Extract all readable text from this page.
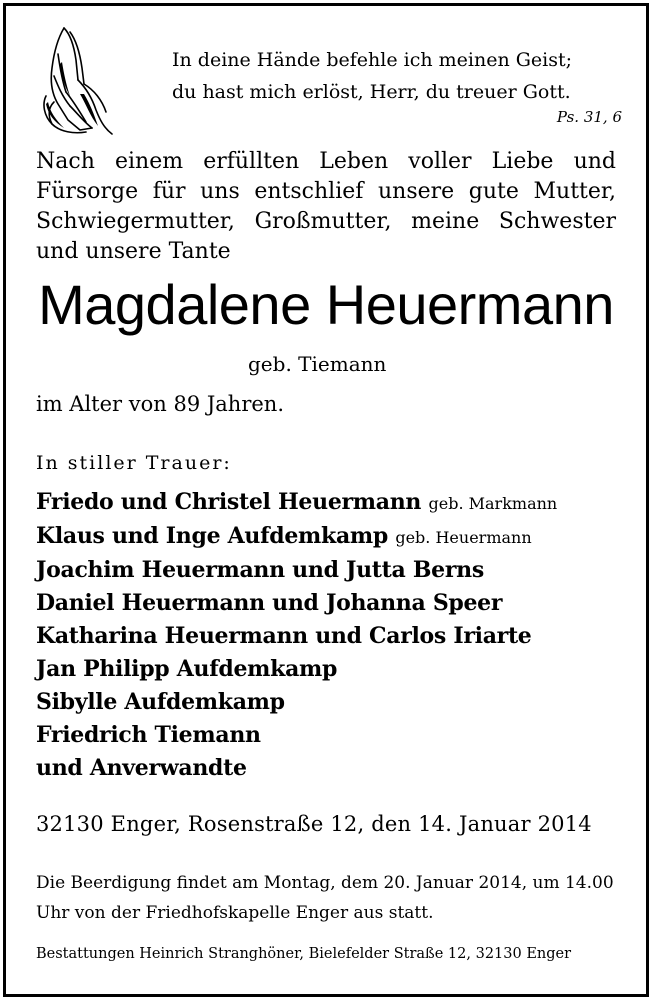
In deine Hände befehle ich meinen Geist;
du hast mich erlöst, Herr, du treuer Gott.
Ps. 31, 6
Nach einem erfüllten Leben voller Liebe und Fürsorge für uns entschlief unsere gute Mutter, Schwiegermutter, Großmutter, meine Schwester und unsere Tante
Magdalene Heuermann
geb. Tiemann
im Alter von 89 Jahren.
In stiller Trauer:
Friedo und Christel Heuermann geb. Markmann
Klaus und Inge Aufdemkamp geb. Heuermann
Joachim Heuermann und Jutta Berns
Daniel Heuermann und Johanna Speer
Katharina Heuermann und Carlos Iriarte
Jan Philipp Aufdemkamp
Sibylle Aufdemkamp
Friedrich Tiemann
und Anverwandte
32130 Enger, Rosenstraße 12, den 14. Januar 2014
Die Beerdigung findet am Montag, dem 20. Januar 2014, um 14.00 Uhr von der Friedhofskapelle Enger aus statt.
Bestattungen Heinrich Stranghöner, Bielefelder Straße 12, 32130 Enger
